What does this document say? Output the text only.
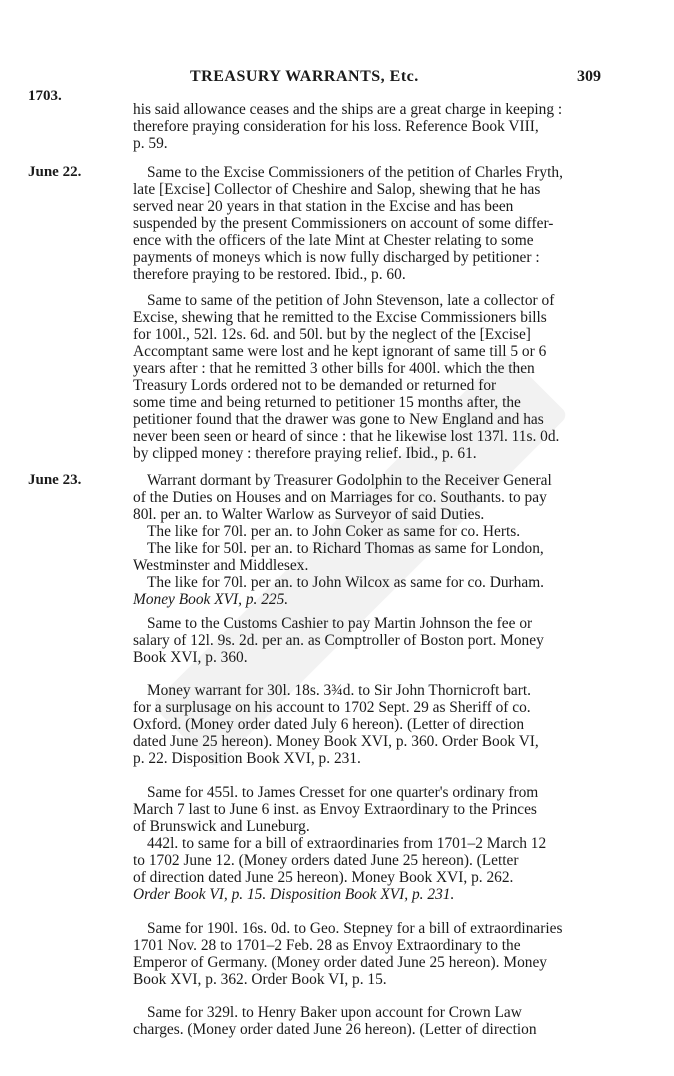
1703.
TREASURY WARRANTS, Etc.	309
his said allowance ceases and the ships are a great charge in keeping :
therefore praying consideration for his loss. Reference Book VIII,
p. 59.
June 22.	Same to the Excise Commissioners of the petition of Charles Fryth,
late [Excise] Collector of Cheshire and Salop, shewing that he has
served near 20 years in that station in the Excise and has been
suspended by the present Commissioners on account of some differ-
ence with the officers of the late Mint at Chester relating to some
payments of moneys which is now fully discharged by petitioner :
therefore praying to be restored. Ibid., p. 60.
Same to same of the petition of John Stevenson, late a collector of
Excise, shewing that he remitted to the Excise Commissioners bills
for 100l., 52l. 12s. 6d. and 50l. but by the neglect of the [Excise]
Accomptant same were lost and he kept ignorant of same till 5 or 6
years after : that he remitted 3 other bills for 400l. which the then
Treasury Lords ordered not to be demanded or returned for
some time and being returned to petitioner 15 months after, the
petitioner found that the drawer was gone to New England and has
never been seen or heard of since : that he likewise lost 137l. 11s. 0d.
by clipped money : therefore praying relief. Ibid., p. 61.
June 23.	Warrant dormant by Treasurer Godolphin to the Receiver General
of the Duties on Houses and on Marriages for co. Southants. to pay
80l. per an. to Walter Warlow as Surveyor of said Duties.
The like for 70l. per an. to John Coker as same for co. Herts.
The like for 50l. per an. to Richard Thomas as same for London,
Westminster and Middlesex.
The like for 70l. per an. to John Wilcox as same for co. Durham.
Money Book XVI, p. 225.
Same to the Customs Cashier to pay Martin Johnson the fee or
salary of 12l. 9s. 2d. per an. as Comptroller of Boston port. Money
Book XVI, p. 360.
Money warrant for 30l. 18s. 3¾d. to Sir John Thornicroft bart.
for a surplusage on his account to 1702 Sept. 29 as Sheriff of co.
Oxford. (Money order dated July 6 hereon). (Letter of direction
dated June 25 hereon). Money Book XVI, p. 360. Order Book VI,
p. 22. Disposition Book XVI, p. 231.
Same for 455l. to James Cresset for one quarter's ordinary from
March 7 last to June 6 inst. as Envoy Extraordinary to the Princes
of Brunswick and Luneburg.
442l. to same for a bill of extraordinaries from 1701–2 March 12
to 1702 June 12. (Money orders dated June 25 hereon). (Letter
of direction dated June 25 hereon). Money Book XVI, p. 262.
Order Book VI, p. 15. Disposition Book XVI, p. 231.
Same for 190l. 16s. 0d. to Geo. Stepney for a bill of extraordinaries
1701 Nov. 28 to 1701–2 Feb. 28 as Envoy Extraordinary to the
Emperor of Germany. (Money order dated June 25 hereon). Money
Book XVI, p. 362. Order Book VI, p. 15.
Same for 329l. to Henry Baker upon account for Crown Law
charges. (Money order dated June 26 hereon). (Letter of direction
